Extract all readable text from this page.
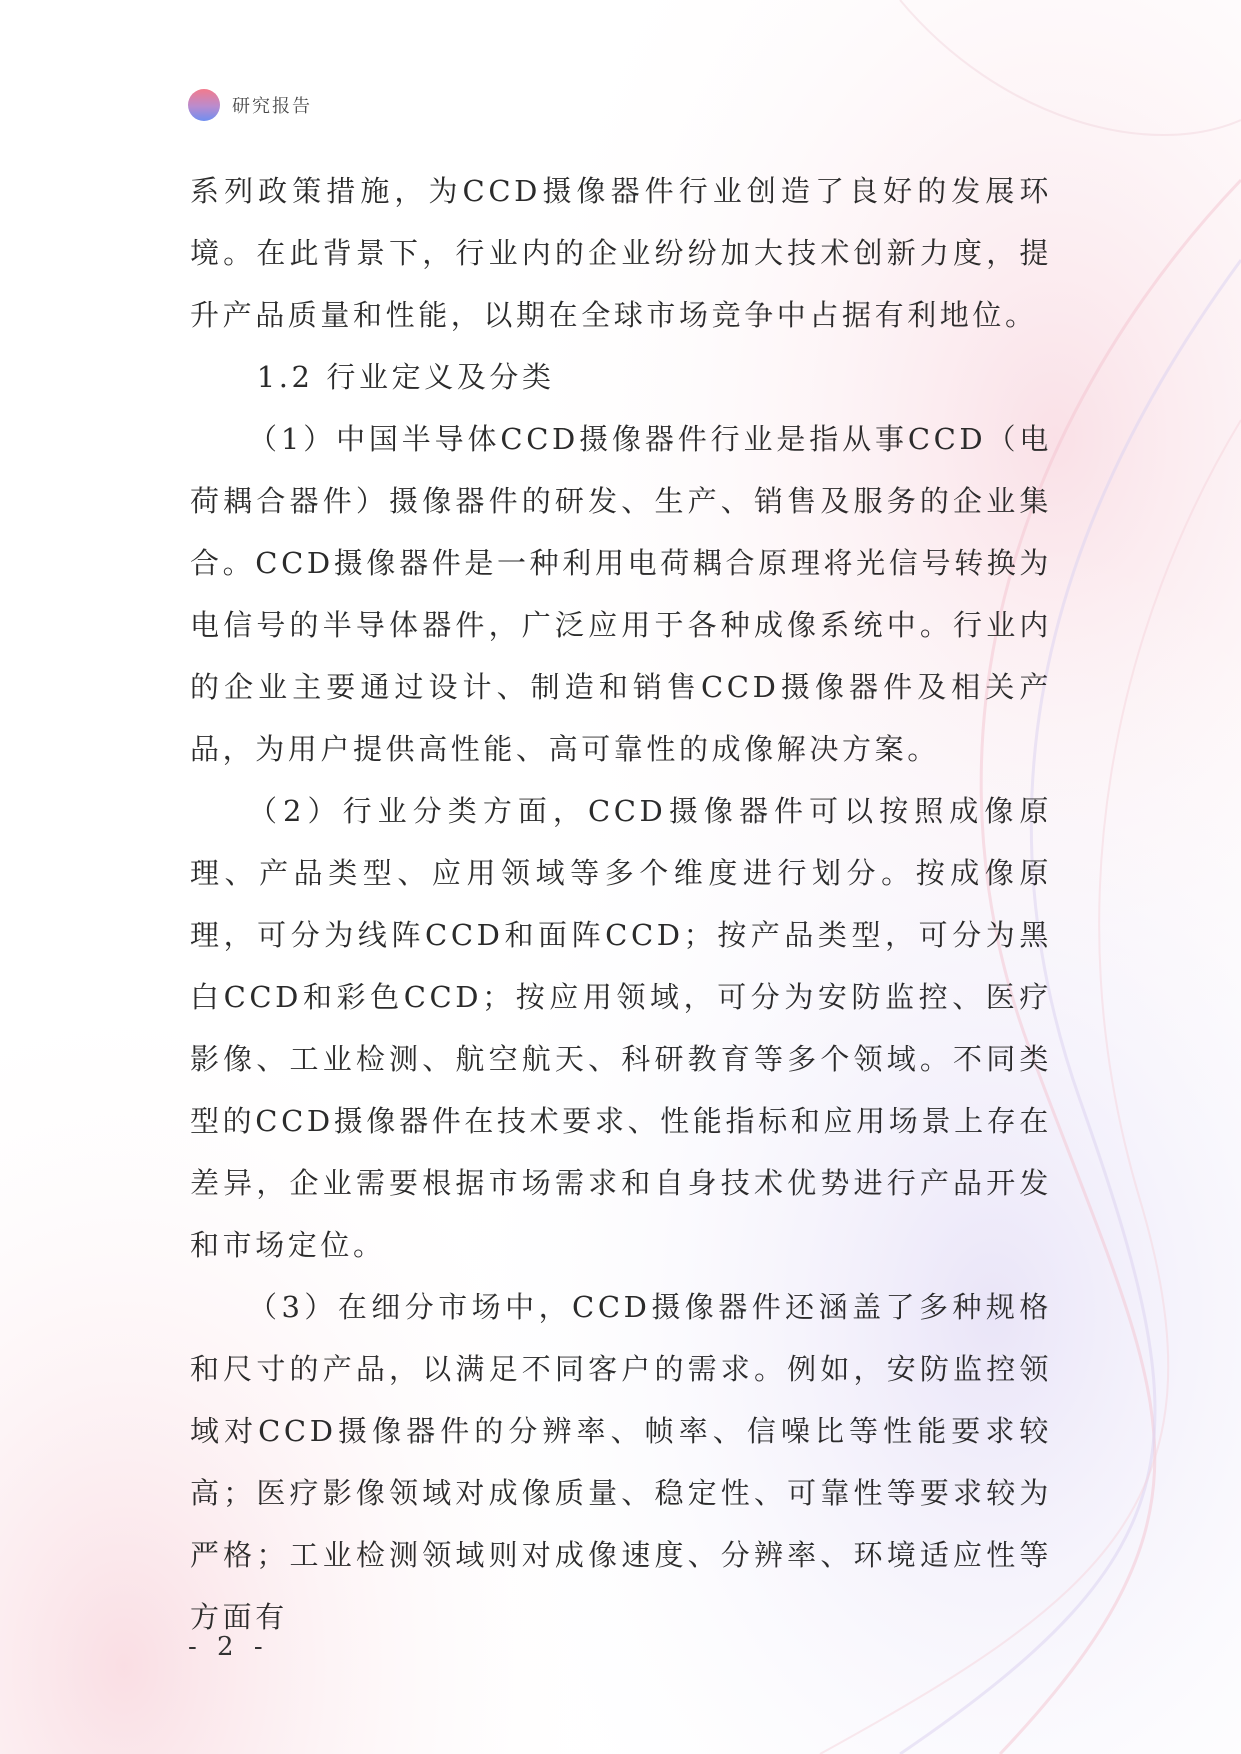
研究报告

系列政策措施，为CCD摄像器件行业创造了良好的发展环境。在此背景下，行业内的企业纷纷加大技术创新力度，提升产品质量和性能，以期在全球市场竞争中占据有利地位。

1.2 行业定义及分类

（1）中国半导体CCD摄像器件行业是指从事CCD（电荷耦合器件）摄像器件的研发、生产、销售及服务的企业集合。CCD摄像器件是一种利用电荷耦合原理将光信号转换为电信号的半导体器件，广泛应用于各种成像系统中。行业内的企业主要通过设计、制造和销售CCD摄像器件及相关产品，为用户提供高性能、高可靠性的成像解决方案。

（2）行业分类方面，CCD摄像器件可以按照成像原理、产品类型、应用领域等多个维度进行划分。按成像原理，可分为线阵CCD和面阵CCD；按产品类型，可分为黑白CCD和彩色CCD；按应用领域，可分为安防监控、医疗影像、工业检测、航空航天、科研教育等多个领域。不同类型的CCD摄像器件在技术要求、性能指标和应用场景上存在差异，企业需要根据市场需求和自身技术优势进行产品开发和市场定位。

（3）在细分市场中，CCD摄像器件还涵盖了多种规格和尺寸的产品，以满足不同客户的需求。例如，安防监控领域对CCD摄像器件的分辨率、帧率、信噪比等性能要求较高；医疗影像领域对成像质量、稳定性、可靠性等要求较为严格；工业检测领域则对成像速度、分辨率、环境适应性等方面有

- 2 -
